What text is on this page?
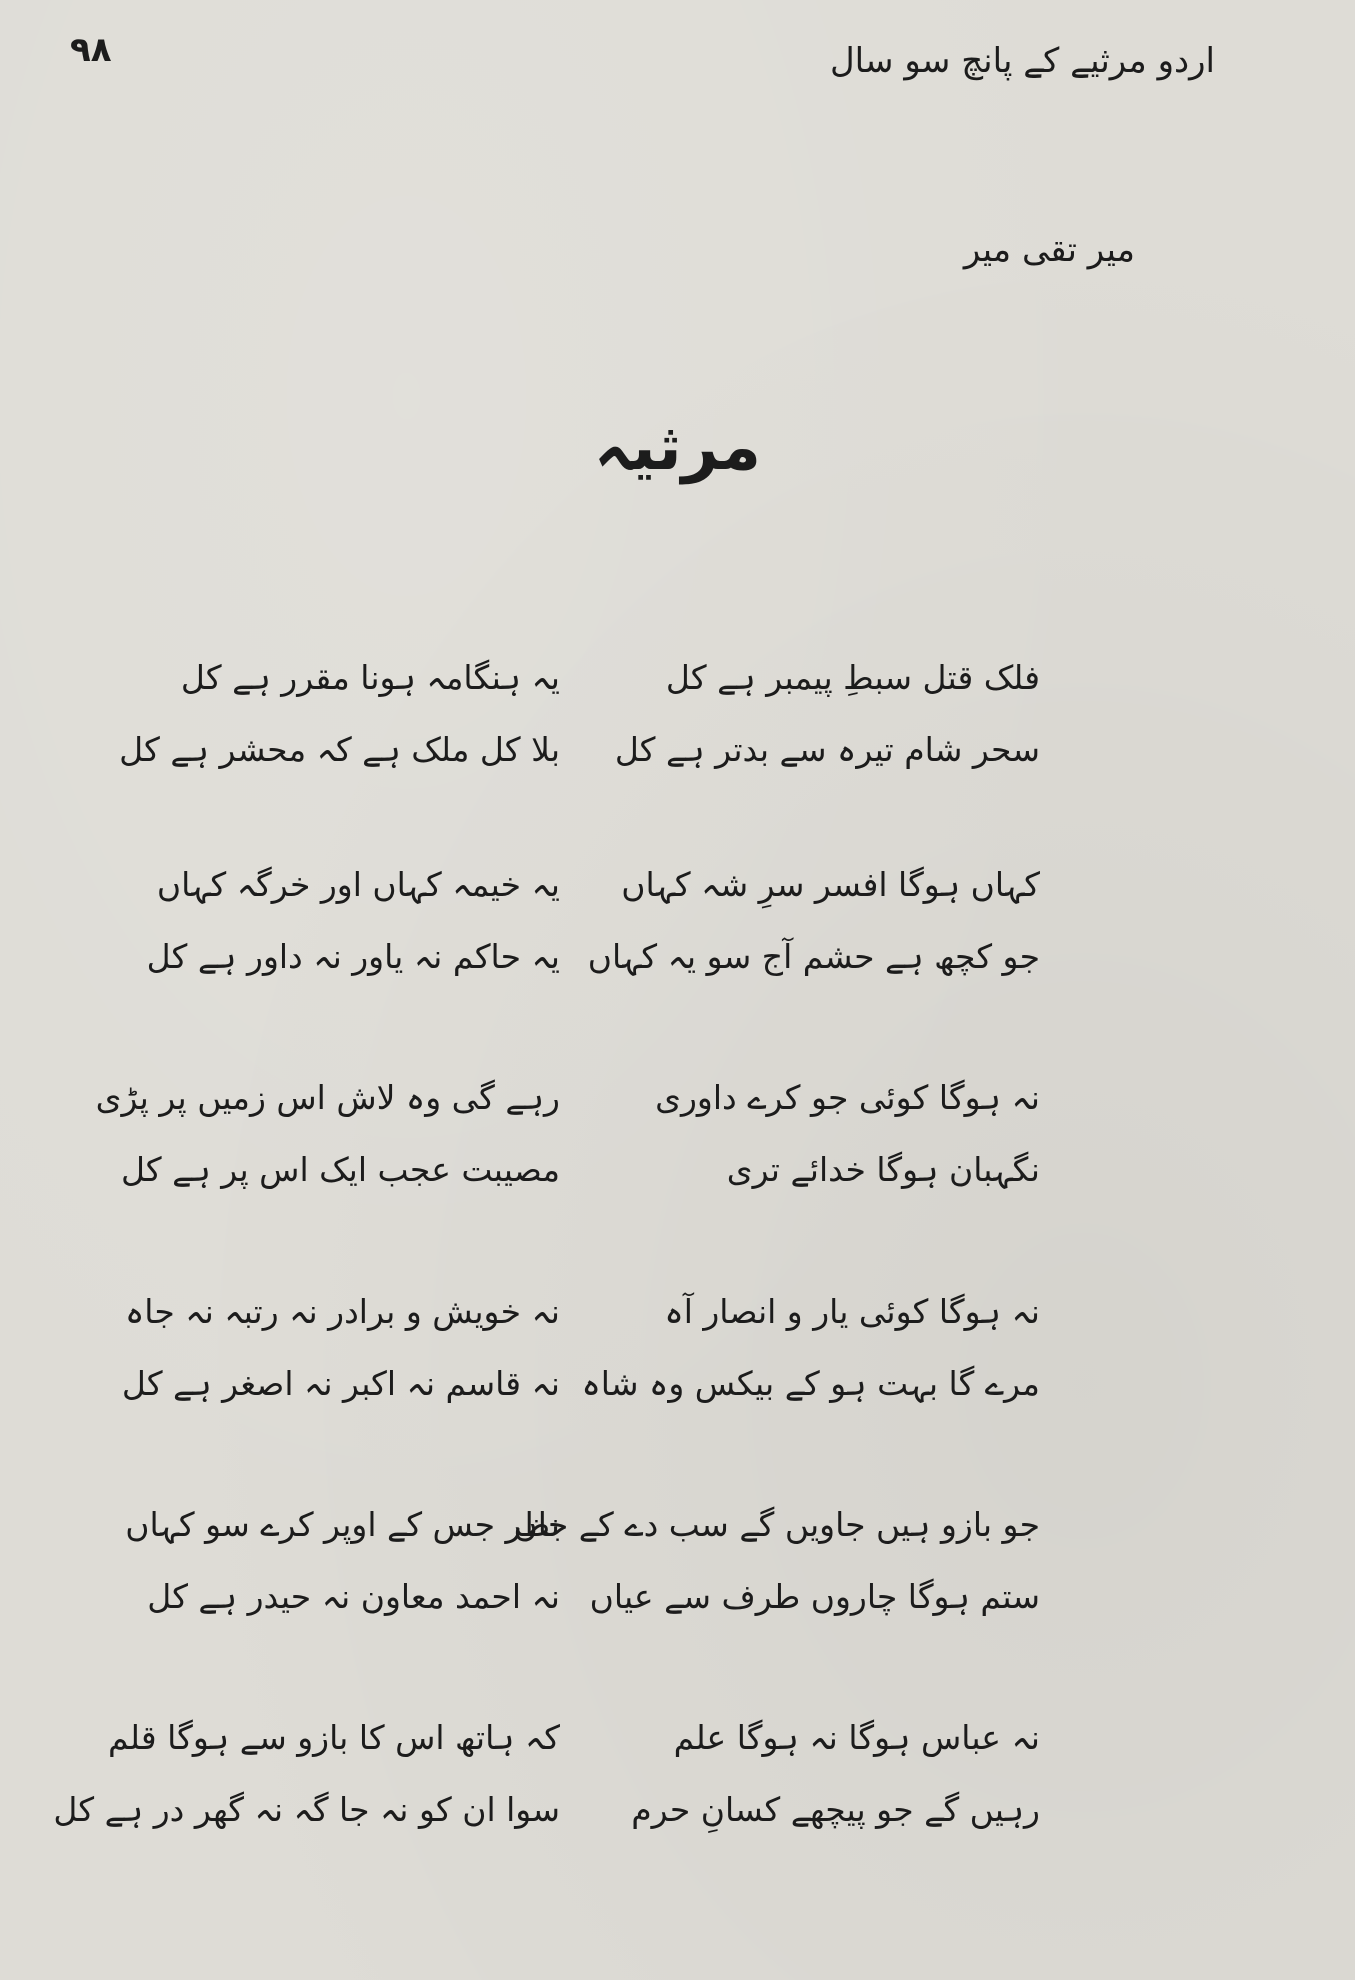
۹۸	اردو مرثیے کے پانچ سو سال
میر تقی میر
مرثیہ
فلک قتل سبطِ پیمبر ہے کل
یہ ہنگامہ ہونا مقرر ہے کل
سحر شام تیرہ سے بدتر ہے کل
بلا کل ملک ہے کہ محشر ہے کل
کہاں ہوگا افسر سرِ شہ کہاں
یہ خیمہ کہاں اور خرگہ کہاں
جو کچھ ہے حشم آج سو یہ کہاں
یہ حاکم نہ یاور نہ داور ہے کل
نہ ہوگا کوئی جو کرے داوری
رہے گی وہ لاش اس زمیں پر پڑی
نگہبان ہوگا خدائے تری
مصیبت عجب ایک اس پر ہے کل
نہ ہوگا کوئی یار و انصار آہ
نہ خویش و برادر نہ رتبہ نہ جاہ
مرے گا بہت ہو کے بیکس وہ شاہ
نہ قاسم نہ اکبر نہ اصغر ہے کل
جو بازو ہیں جاویں گے سب دے کے جاں
نظر جس کے اوپر کرے سو کہاں
ستم ہوگا چاروں طرف سے عیاں
نہ احمد معاون نہ حیدر ہے کل
نہ عباس ہوگا نہ ہوگا علم
کہ ہاتھ اس کا بازو سے ہوگا قلم
رہیں گے جو پیچھے کسانِ حرم
سوا ان کو نہ جا گہ نہ گھر در ہے کل
